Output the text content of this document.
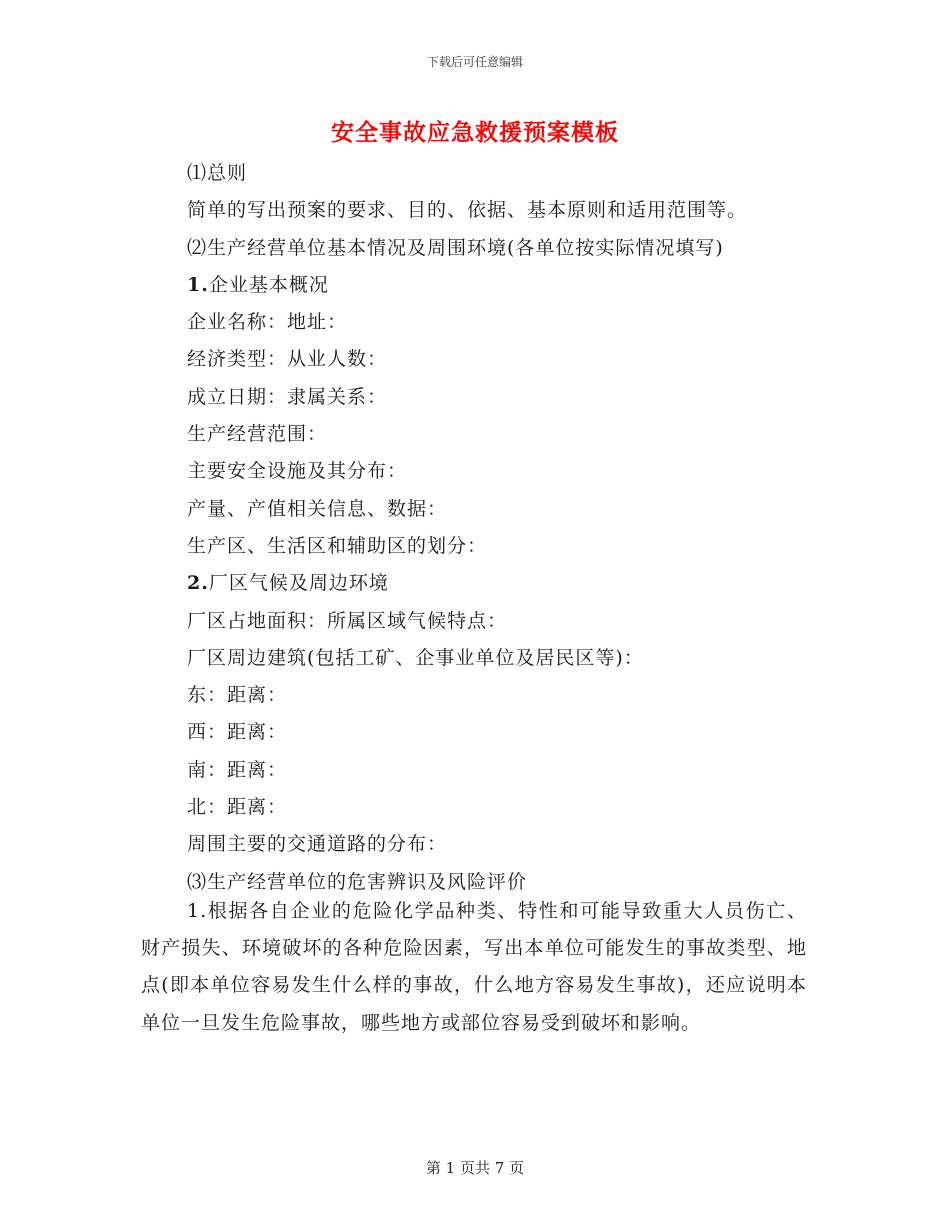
下载后可任意编辑
安全事故应急救援预案模板
⑴总则
简单的写出预案的要求、目的、依据、基本原则和适用范围等。
⑵生产经营单位基本情况及周围环境(各单位按实际情况填写)
1.企业基本概况
企业名称：地址：
经济类型：从业人数：
成立日期：隶属关系：
生产经营范围：
主要安全设施及其分布：
产量、产值相关信息、数据：
生产区、生活区和辅助区的划分：
2.厂区气候及周边环境
厂区占地面积：所属区域气候特点：
厂区周边建筑(包括工矿、企事业单位及居民区等)：
东：距离：
西：距离：
南：距离：
北：距离：
周围主要的交通道路的分布：
⑶生产经营单位的危害辨识及风险评价

1.根据各自企业的危险化学品种类、特性和可能导致重大人员伤亡、财产损失、环境破坏的各种危险因素，写出本单位可能发生的事故类型、地点(即本单位容易发生什么样的事故，什么地方容易发生事故)，还应说明本单位一旦发生危险事故，哪些地方或部位容易受到破坏和影响。

第 1 页共 7 页
